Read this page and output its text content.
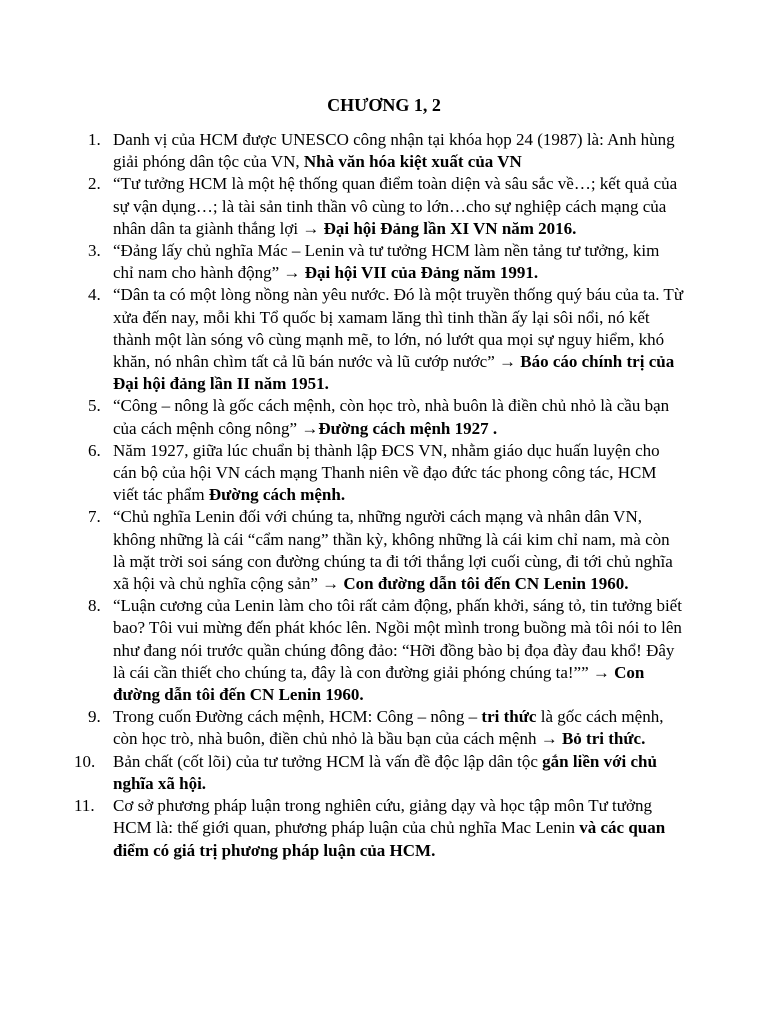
CHƯƠNG 1, 2
1. Danh vị của HCM được UNESCO công nhận tại khóa họp 24 (1987) là: Anh hùng giải phóng dân tộc của VN, Nhà văn hóa kiệt xuất của VN
2. “Tư tưởng HCM là một hệ thống quan điểm toàn diện và sâu sắc về…; kết quả của sự vận dụng…; là tài sản tinh thần vô cùng to lớn…cho sự nghiệp cách mạng của nhân dân ta giành thắng lợi → Đại hội Đảng lần XI VN năm 2016.
3. “Đảng lấy chủ nghĩa Mác – Lenin và tư tưởng HCM làm nền tảng tư tưởng, kim chỉ nam cho hành động” → Đại hội VII của Đảng năm 1991.
4. “Dân ta có một lòng nồng nàn yêu nước. Đó là một truyền thống quý báu của ta. Từ xửa đến nay, mỗi khi Tổ quốc bị xamam lăng thì tinh thần ấy lại sôi nổi, nó kết thành một làn sóng vô cùng mạnh mẽ, to lớn, nó lướt qua mọi sự nguy hiểm, khó khăn, nó nhân chìm tất cả lũ bán nước và lũ cướp nước” → Báo cáo chính trị của Đại hội đảng lần II năm 1951.
5. “Công – nông là gốc cách mệnh, còn học trò, nhà buôn là điền chủ nhỏ là cầu bạn của cách mệnh công nông” →Đường cách mệnh 1927 .
6. Năm 1927, giữa lúc chuẩn bị thành lập ĐCS VN, nhằm giáo dục huấn luyện cho cán bộ của hội VN cách mạng Thanh niên về đạo đức tác phong công tác, HCM viết tác phẩm Đường cách mệnh.
7. “Chủ nghĩa Lenin đối với chúng ta, những người cách mạng và nhân dân VN, không những là cái “cẩm nang” thần kỳ, không những là cái kim chỉ nam, mà còn là mặt trời soi sáng con đường chúng ta đi tới thắng lợi cuối cùng, đi tới chủ nghĩa xã hội và chủ nghĩa cộng sản” → Con đường dẫn tôi đến CN Lenin 1960.
8. “Luận cương của Lenin làm cho tôi rất cảm động, phấn khởi, sáng tỏ, tin tưởng biết bao? Tôi vui mừng đến phát khóc lên. Ngồi một mình trong buồng mà tôi nói to lên như đang nói trước quần chúng đông đảo: “Hỡi đồng bào bị đọa đày đau khổ! Đây là cái cần thiết cho chúng ta, đây là con đường giải phóng chúng ta!”” → Con đường dẫn tôi đến CN Lenin 1960.
9. Trong cuốn Đường cách mệnh, HCM: Công – nông – tri thức là gốc cách mệnh, còn học trò, nhà buôn, điền chủ nhỏ là bầu bạn của cách mệnh → Bỏ tri thức.
10. Bản chất (cốt lõi) của tư tưởng HCM là vấn đề độc lập dân tộc gắn liền với chủ nghĩa xã hội.
11. Cơ sở phương pháp luận trong nghiên cứu, giảng dạy và học tập môn Tư tưởng HCM là: thế giới quan, phương pháp luận của chủ nghĩa Mac Lenin và các quan điểm có giá trị phương pháp luận của HCM.
